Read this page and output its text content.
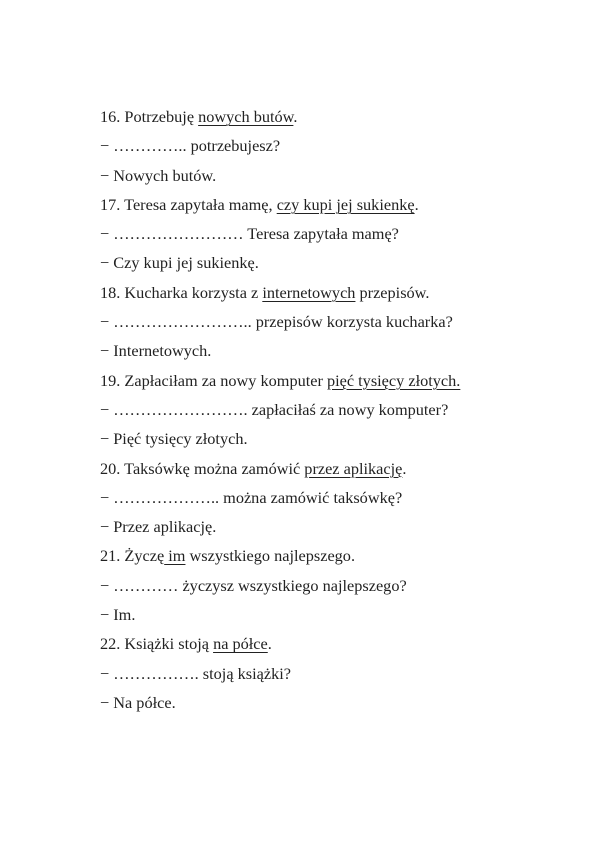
16. Potrzebuję nowych butów.
− ………….. potrzebujesz?
− Nowych butów.
17. Teresa zapytała mamę, czy kupi jej sukienkę.
− …………………… Teresa zapytała mamę?
− Czy kupi jej sukienkę.
18. Kucharka korzysta z internetowych przepisów.
− …………………….. przepisów korzysta kucharka?
− Internetowych.
19. Zapłaciłam za nowy komputer pięć tysięcy złotych.
− ……………………. zapłaciłaś za nowy komputer?
− Pięć tysięcy złotych.
20. Taksówkę można zamówić przez aplikację.
− ……………….. można zamówić taksówkę?
− Przez aplikację.
21. Życzę im wszystkiego najlepszego.
− ………… życzysz wszystkiego najlepszego?
− Im.
22. Książki stoją na półce.
− ……………. stoją książki?
− Na półce.
